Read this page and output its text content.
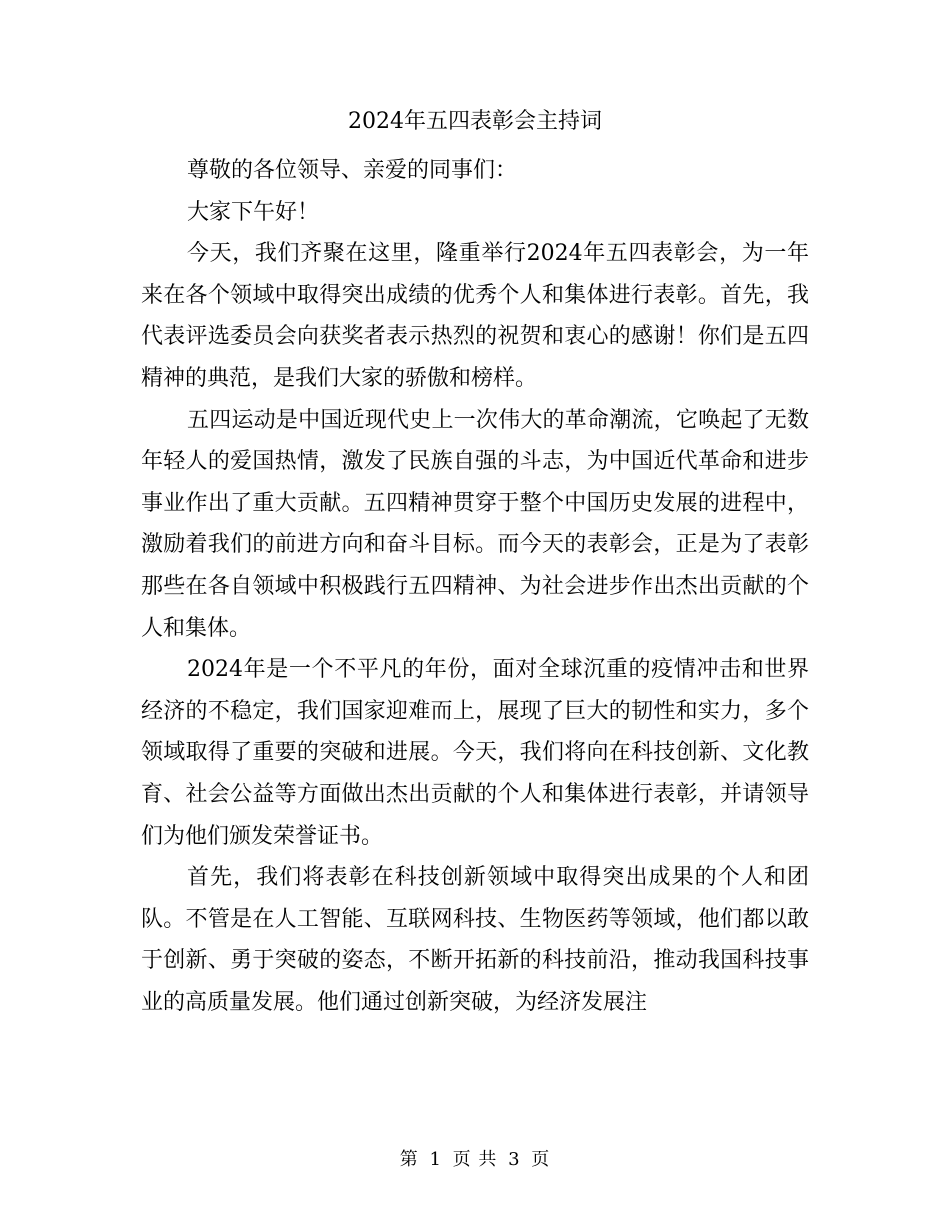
2024年五四表彰会主持词

尊敬的各位领导、亲爱的同事们：

大家下午好！

今天，我们齐聚在这里，隆重举行2024年五四表彰会，为一年来在各个领域中取得突出成绩的优秀个人和集体进行表彰。首先，我代表评选委员会向获奖者表示热烈的祝贺和衷心的感谢！你们是五四精神的典范，是我们大家的骄傲和榜样。

五四运动是中国近现代史上一次伟大的革命潮流，它唤起了无数年轻人的爱国热情，激发了民族自强的斗志，为中国近代革命和进步事业作出了重大贡献。五四精神贯穿于整个中国历史发展的进程中，激励着我们的前进方向和奋斗目标。而今天的表彰会，正是为了表彰那些在各自领域中积极践行五四精神、为社会进步作出杰出贡献的个人和集体。

2024年是一个不平凡的年份，面对全球沉重的疫情冲击和世界经济的不稳定，我们国家迎难而上，展现了巨大的韧性和实力，多个领域取得了重要的突破和进展。今天，我们将向在科技创新、文化教育、社会公益等方面做出杰出贡献的个人和集体进行表彰，并请领导们为他们颁发荣誉证书。

首先，我们将表彰在科技创新领域中取得突出成果的个人和团队。不管是在人工智能、互联网科技、生物医药等领域，他们都以敢于创新、勇于突破的姿态，不断开拓新的科技前沿，推动我国科技事业的高质量发展。他们通过创新突破，为经济发展注

第 1 页 共 3 页
